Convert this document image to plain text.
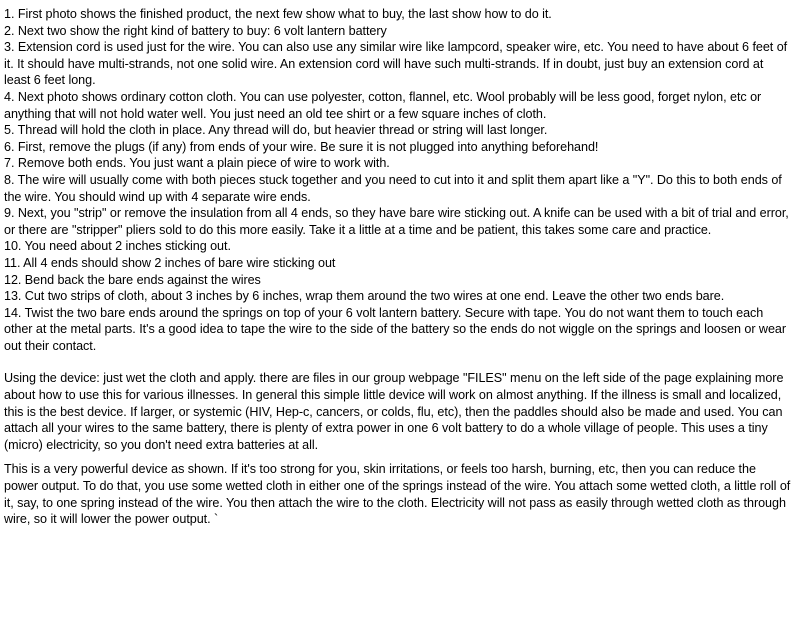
1. First photo shows the finished product, the next few show what to buy, the last show how to do it.

2. Next two show the right kind of battery to buy: 6 volt lantern battery

3. Extension cord is used just for the wire. You can also use any similar wire like lampcord, speaker wire, etc. You need to have about 6 feet of it. It should have multi-strands, not one solid wire. An extension cord will have such multi-strands. If in doubt, just buy an extension cord at least 6 feet long.

4. Next photo shows ordinary cotton cloth. You can use polyester, cotton, flannel, etc. Wool probably will be less good, forget nylon, etc or anything that will not hold water well. You just need an old tee shirt or a few square inches of cloth.

5. Thread will hold the cloth in place. Any thread will do, but heavier thread or string will last longer.

6. First, remove the plugs (if any) from ends of your wire. Be sure it is not plugged into anything beforehand!

7. Remove both ends. You just want a plain piece of wire to work with.

8. The wire will usually come with both pieces stuck together and you need to cut into it and split them apart like a "Y". Do this to both ends of the wire. You should wind up with 4 separate wire ends.

9. Next, you "strip" or remove the insulation from all 4 ends, so they have bare wire sticking out. A knife can be used with a bit of trial and error, or there are "stripper" pliers sold to do this more easily. Take it a little at a time and be patient, this takes some care and practice.

10. You need about 2 inches sticking out.

11. All 4 ends should show 2 inches of bare wire sticking out

12. Bend back the bare ends against the wires

13. Cut two strips of cloth, about 3 inches by 6 inches, wrap them around the two wires at one end. Leave the other two ends bare.

14. Twist the two bare ends around the springs on top of your 6 volt lantern battery. Secure with tape. You do not want them to touch each other at the metal parts. It's a good idea to tape the wire to the side of the battery so the ends do not wiggle on the springs and loosen or wear out their contact.

Using the device: just wet the cloth and apply. there are files in our group webpage "FILES" menu on the left side of the page explaining more about how to use this for various illnesses. In general this simple little device will work on almost anything. If the illness is small and localized, this is the best device. If larger, or systemic (HIV, Hep-c, cancers, or colds, flu, etc), then the paddles should also be made and used. You can attach all your wires to the same battery, there is plenty of extra power in one 6 volt battery to do a whole village of people. This uses a tiny (micro) electricity, so you don't need extra batteries at all.

This is a very powerful device as shown. If it's too strong for you, skin irritations, or feels too harsh, burning, etc, then you can reduce the power output. To do that, you use some wetted cloth in either one of the springs instead of the wire. You attach some wetted cloth, a little roll of it, say, to one spring instead of the wire. You then attach the wire to the cloth. Electricity will not pass as easily through wetted cloth as through wire, so it will lower the power output. `
